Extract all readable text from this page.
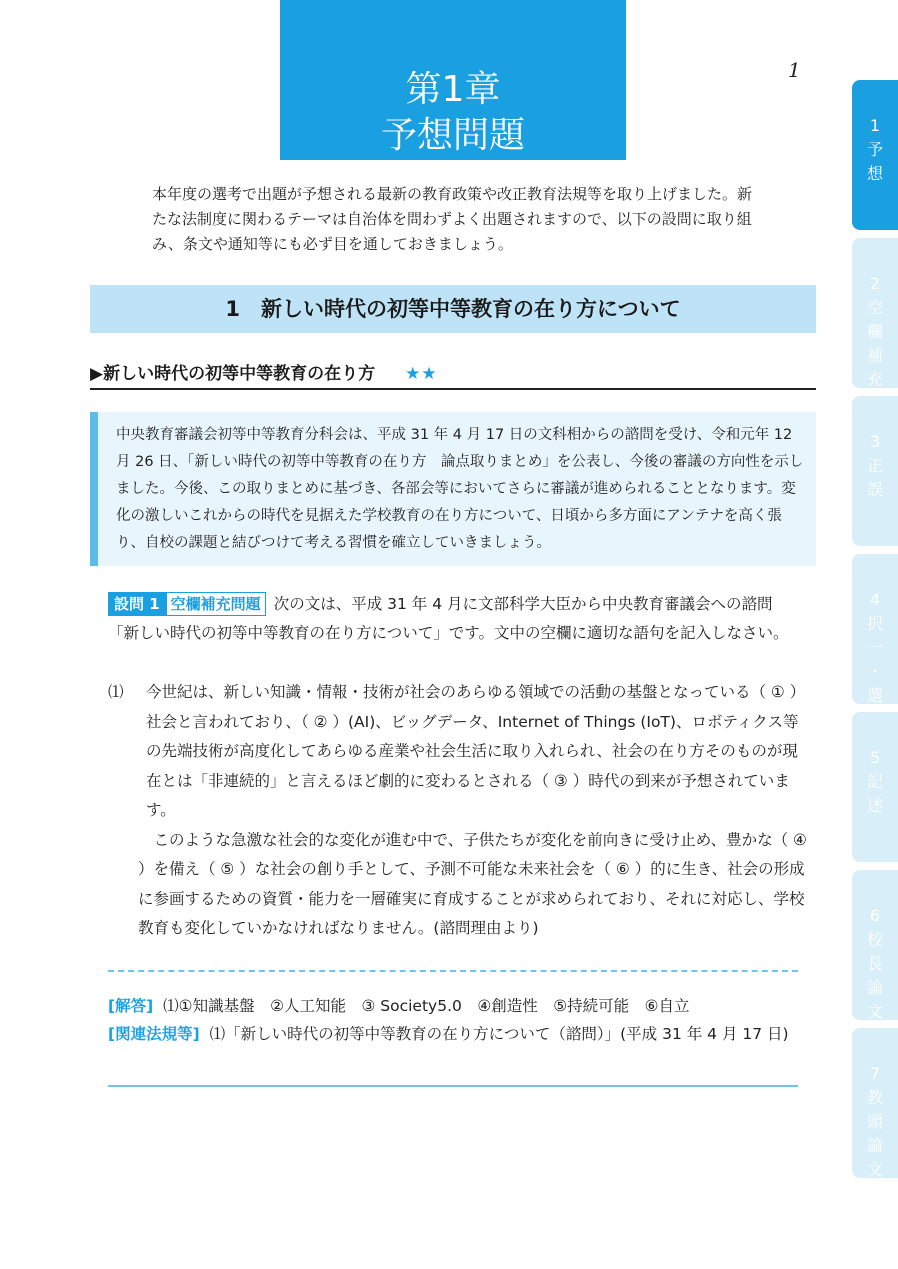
第1章
予想問題
1
本年度の選考で出題が予想される最新の教育政策や改正教育法規等を取り上げました。新たな法制度に関わるテーマは自治体を問わずよく出題されますので、以下の設問に取り組み、条文や通知等にも必ず目を通しておきましょう。
1　新しい時代の初等中等教育の在り方について
▶新しい時代の初等中等教育の在り方 ★★
中央教育審議会初等中等教育分科会は、平成 31 年 4 月 17 日の文科相からの諮問を受け、令和元年 12 月 26 日、「新しい時代の初等中等教育の在り方　論点取りまとめ」を公表し、今後の審議の方向性を示しました。今後、この取りまとめに基づき、各部会等においてさらに審議が進められることとなります。変化の激しいこれからの時代を見据えた学校教育の在り方について、日頃から多方面にアンテナを高く張り、自校の課題と結びつけて考える習慣を確立していきましょう。
設問 1 空欄補充問題 次の文は、平成 31 年 4 月に文部科学大臣から中央教育審議会への諮問「新しい時代の初等中等教育の在り方について」です。文中の空欄に適切な語句を記入しなさい。
⑴ 今世紀は、新しい知識・情報・技術が社会のあらゆる領域での活動の基盤となっている（ ① ）社会と言われており、（ ② ）(AI)、ビッグデータ、Internet of Things (IoT)、ロボティクス等の先端技術が高度化してあらゆる産業や社会生活に取り入れられ、社会の在り方そのものが現在とは「非連続的」と言えるほど劇的に変わるとされる（ ③ ）時代の到来が予想されています。

このような急激な社会的な変化が進む中で、子供たちが変化を前向きに受け止め、豊かな（ ④ ）を備え（ ⑤ ）な社会の創り手として、予測不可能な未来社会を（ ⑥ ）的に生き、社会の形成に参画するための資質・能力を一層確実に育成することが求められており、それに対応し、学校教育も変化していかなければなりません。(諮問理由より)

[解答] ⑴①知識基盤　②人工知能　③ Society5.0　④創造性　⑤持続可能　⑥自立
[関連法規等] ⑴「新しい時代の初等中等教育の在り方について（諮問）」(平成 31 年 4 月 17 日)
1
予
想
2
空
欄
補
充
3
正
誤
4
択
一
・
選
5
記
述
6
校
長
論
文
7
教
頭
論
文
